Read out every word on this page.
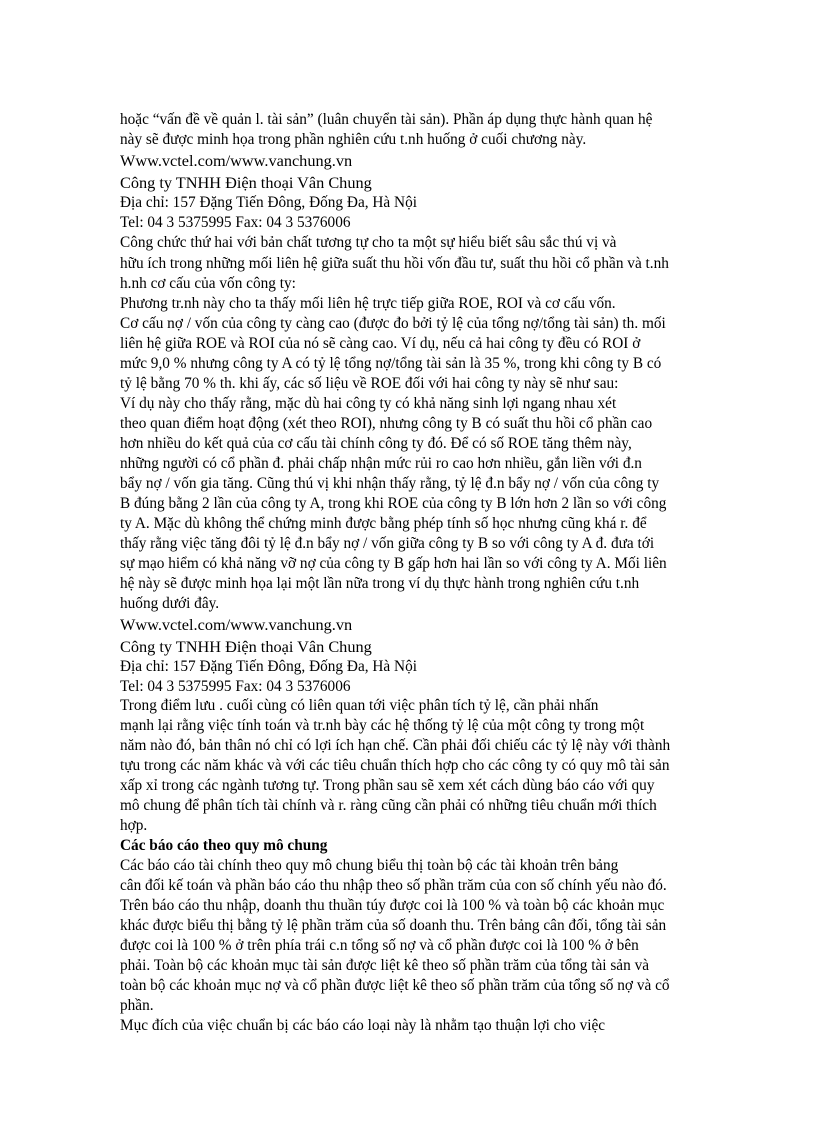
hoặc “vấn đề về quản l. tài sản” (luân chuyển tài sản). Phần áp dụng thực hành quan hệ
này sẽ được minh họa trong phần nghiên cứu t.nh huống ở cuối chương này.
Www.vctel.com/www.vanchung.vn
Công ty TNHH Điện thoại Vân Chung
Địa chỉ: 157 Đặng Tiến Đông, Đống Đa, Hà Nội
Tel: 04 3 5375995 Fax: 04 3 5376006
Công chức thứ hai với bản chất tương tự cho ta một sự hiểu biết sâu sắc thú vị và
hữu ích trong những mối liên hệ giữa suất thu hồi vốn đầu tư, suất thu hồi cổ phần và t.nh
h.nh cơ cấu của vốn công ty:
Phương tr.nh này cho ta thấy mối liên hệ trực tiếp giữa ROE, ROI và cơ cấu vốn.
Cơ cấu nợ / vốn của công ty càng cao (được đo bởi tỷ lệ của tổng nợ/tổng tài sản) th. mối
liên hệ giữa ROE và ROI của nó sẽ càng cao. Ví dụ, nếu cả hai công ty đều có ROI ở
mức 9,0 % nhưng công ty A có tỷ lệ tổng nợ/tổng tài sản là 35 %, trong khi công ty B có
tỷ lệ bằng 70 % th. khi ấy, các số liệu về ROE đối với hai công ty này sẽ như sau:
Ví dụ này cho thấy rằng, mặc dù hai công ty có khả năng sinh lợi ngang nhau xét
theo quan điểm hoạt động (xét theo ROI), nhưng công ty B có suất thu hồi cổ phần cao
hơn nhiều do kết quả của cơ cấu tài chính công ty đó. Để có số ROE tăng thêm này,
những người có cổ phần đ. phải chấp nhận mức rủi ro cao hơn nhiều, gắn liền với đ.n
bẩy nợ / vốn gia tăng. Cũng thú vị khi nhận thấy rằng, tỷ lệ đ.n bẩy nợ / vốn của công ty
B đúng bằng 2 lần của công ty A, trong khi ROE của công ty B lớn hơn 2 lần so với công
ty A. Mặc dù không thể chứng minh được bằng phép tính số học nhưng cũng khá r. để
thấy rằng việc tăng đôi tỷ lệ đ.n bẩy nợ / vốn giữa công ty B so với công ty A đ. đưa tới
sự mạo hiểm có khả năng vỡ nợ của công ty B gấp hơn hai lần so với công ty A. Mối liên
hệ này sẽ được minh họa lại một lần nữa trong ví dụ thực hành trong nghiên cứu t.nh
huống dưới đây.
Www.vctel.com/www.vanchung.vn
Công ty TNHH Điện thoại Vân Chung
Địa chỉ: 157 Đặng Tiến Đông, Đống Đa, Hà Nội
Tel: 04 3 5375995 Fax: 04 3 5376006
Trong điểm lưu . cuối cùng có liên quan tới việc phân tích tỷ lệ, cần phải nhấn
mạnh lại rằng việc tính toán và tr.nh bày các hệ thống tỷ lệ của một công ty trong một
năm nào đó, bản thân nó chỉ có lợi ích hạn chế. Cần phải đối chiếu các tỷ lệ này với thành
tựu trong các năm khác và với các tiêu chuẩn thích hợp cho các công ty có quy mô tài sản
xấp xỉ trong các ngành tương tự. Trong phần sau sẽ xem xét cách dùng báo cáo với quy
mô chung để phân tích tài chính và r. ràng cũng cần phải có những tiêu chuẩn mới thích
hợp.
Các báo cáo theo quy mô chung
Các báo cáo tài chính theo quy mô chung biểu thị toàn bộ các tài khoản trên bảng
cân đối kế toán và phần báo cáo thu nhập theo số phần trăm của con số chính yếu nào đó.
Trên báo cáo thu nhập, doanh thu thuần túy được coi là 100 % và toàn bộ các khoản mục
khác được biểu thị bằng tỷ lệ phần trăm của số doanh thu. Trên bảng cân đối, tổng tài sản
được coi là 100 % ở trên phía trái c.n tổng số nợ và cổ phần được coi là 100 % ở bên
phải. Toàn bộ các khoản mục tài sản được liệt kê theo số phần trăm của tổng tài sản và
toàn bộ các khoản mục nợ và cổ phần được liệt kê theo số phần trăm của tổng số nợ và cổ
phần.
Mục đích của việc chuẩn bị các báo cáo loại này là nhằm tạo thuận lợi cho việc
